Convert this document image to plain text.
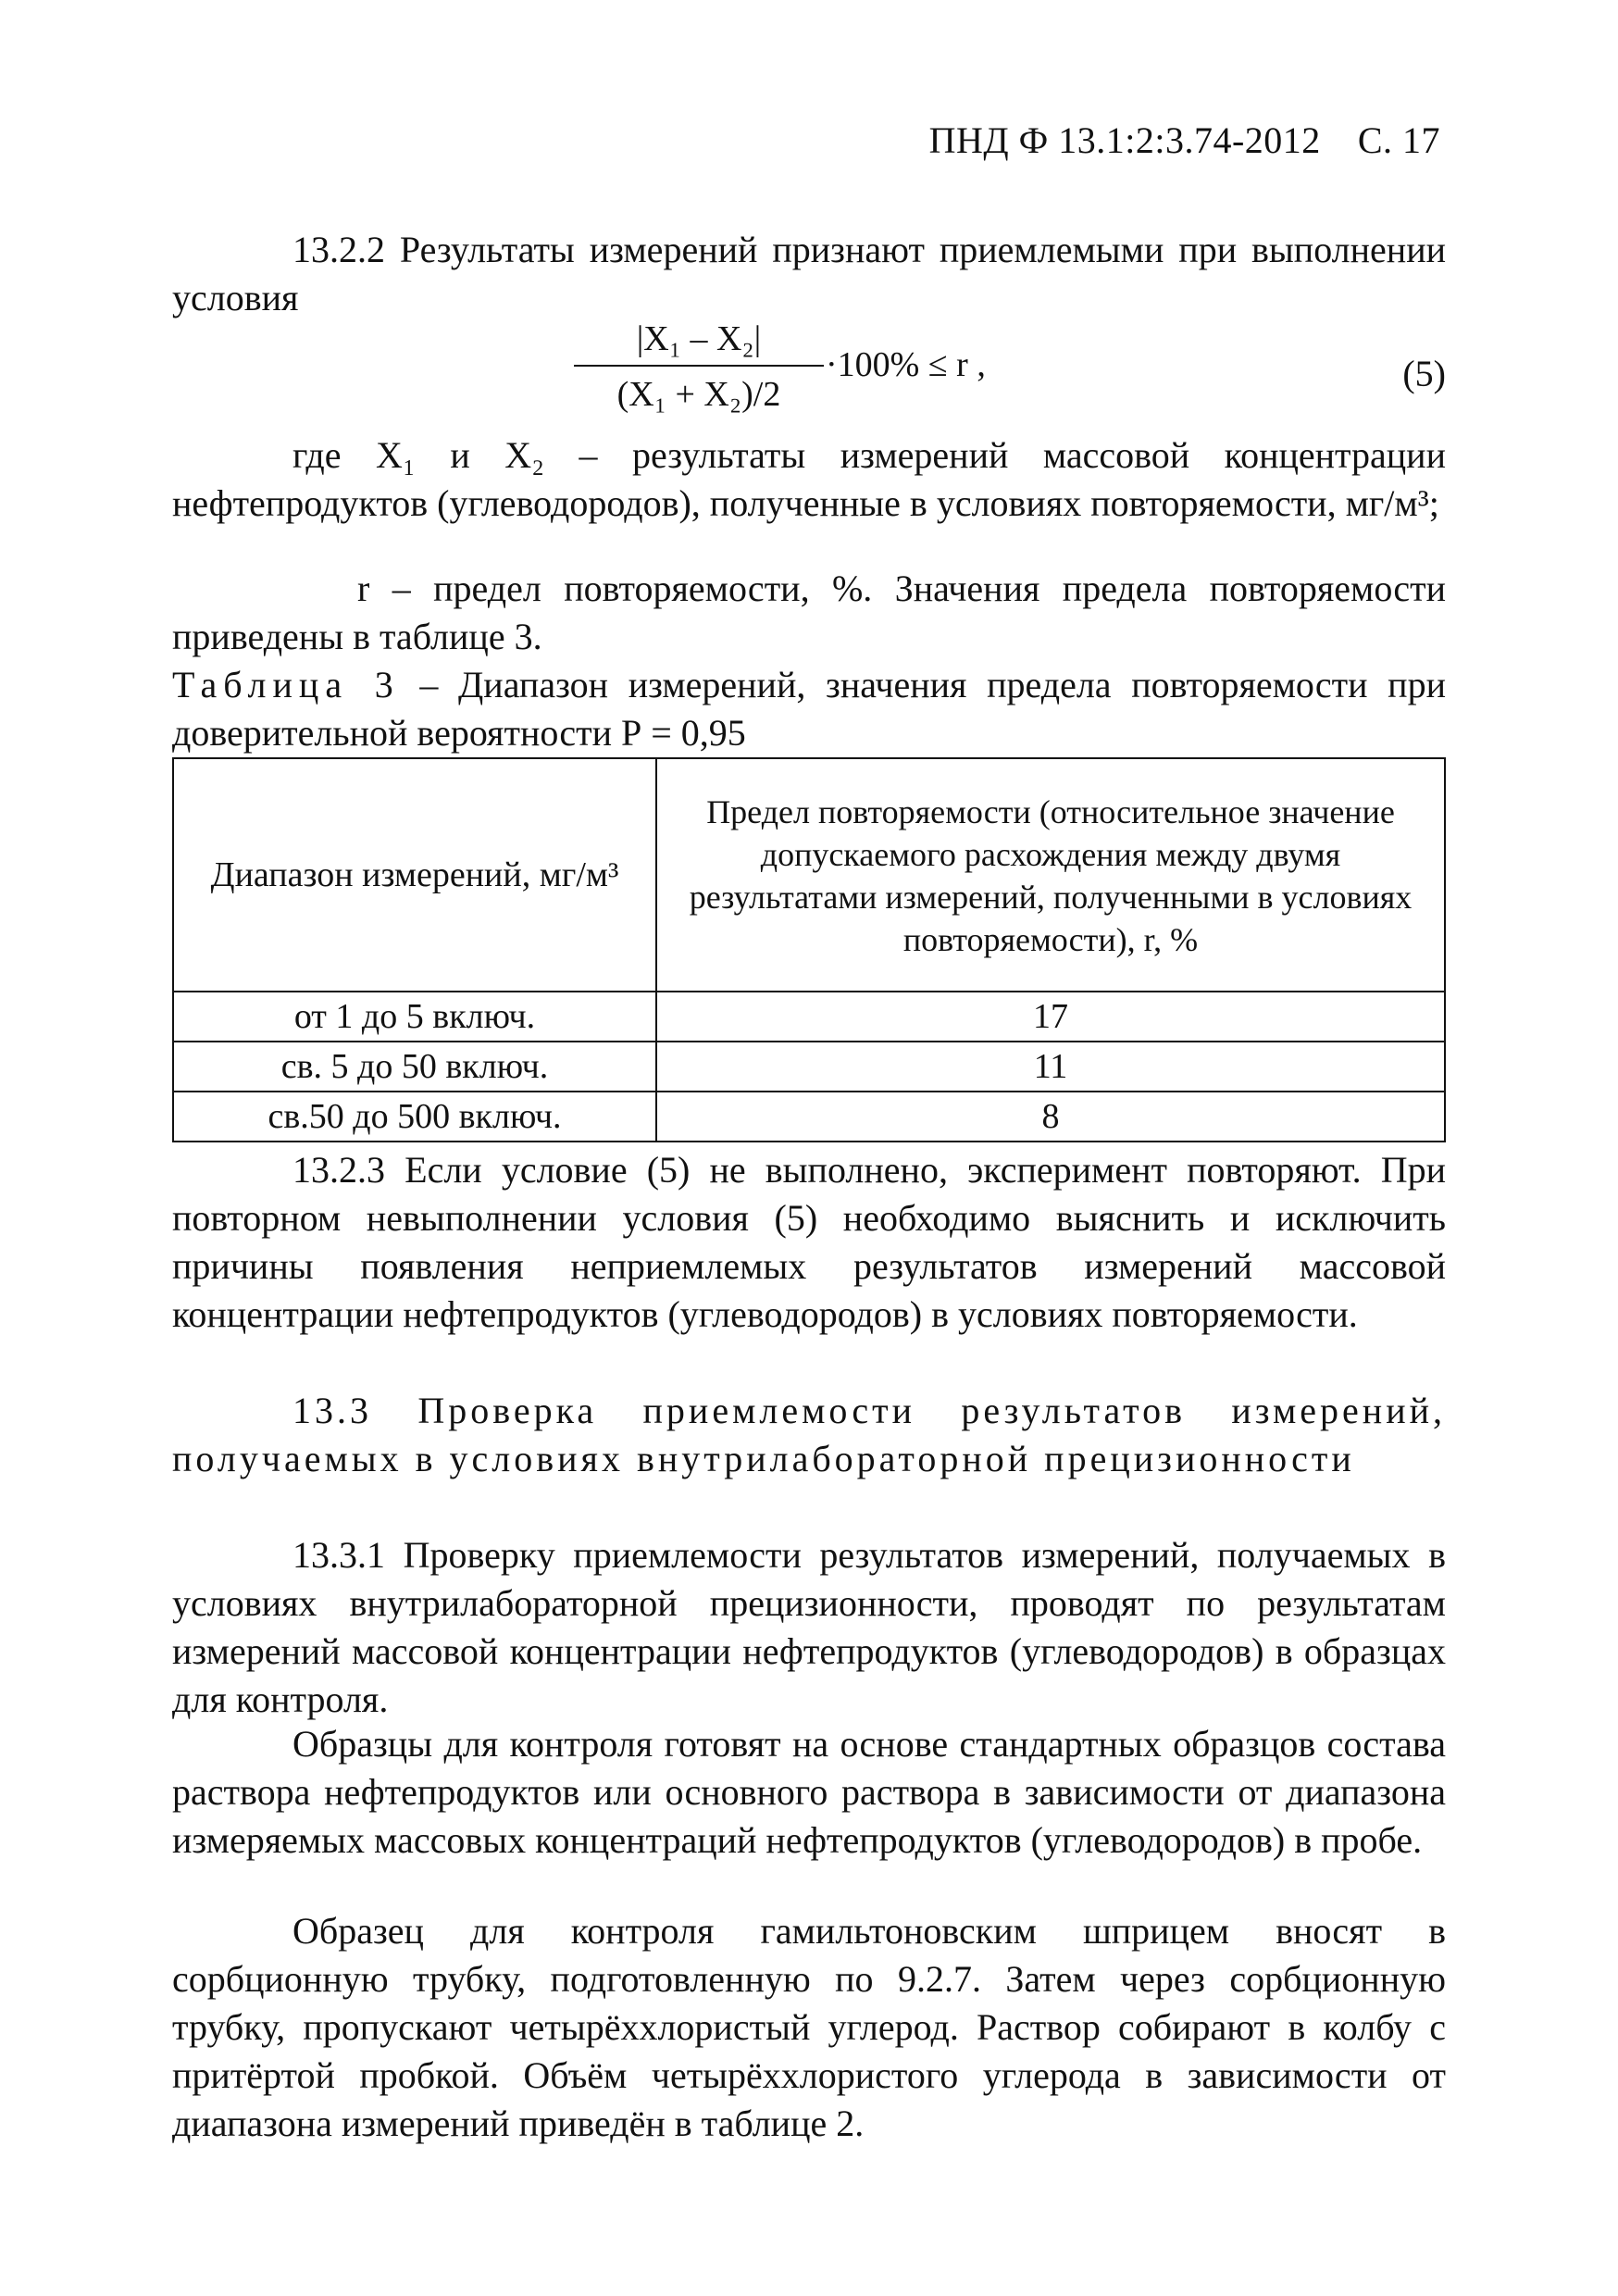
ПНД Ф 13.1:2:3.74-2012 С. 17
13.2.2 Результаты измерений признают приемлемыми при выполнении условия
|X₁ – X₂|
(X₁ + X₂)/2
·100% ≤ r ,	(5)
где X₁ и X₂ – результаты измерений массовой концентрации нефтепродуктов (углеводородов), полученные в условиях повторяемости, мг/м³;
r – предел повторяемости, %. Значения предела повторяемости приведены в таблице 3.
Таблица 3 – Диапазон измерений, значения предела повторяемости при доверительной вероятности Р = 0,95
Диапазон измерений, мг/м³	Предел повторяемости (относительное значение допускаемого расхождения между двумя результатами измерений, полученными в условиях повторяемости), r, %
от 1 до 5 включ.	17
св. 5 до 50 включ.	11
св.50 до 500 включ.	8
13.2.3 Если условие (5) не выполнено, эксперимент повторяют. При повторном невыполнении условия (5) необходимо выяснить и исключить причины появления неприемлемых результатов измерений массовой концентрации нефтепродуктов (углеводородов) в условиях повторяемости.
13.3 Проверка приемлемости результатов измерений,
получаемых в условиях внутрилабораторной прецизионности
13.3.1 Проверку приемлемости результатов измерений, получаемых в условиях внутрилабораторной прецизионности, проводят по результатам измерений массовой концентрации нефтепродуктов (углеводородов) в образцах для контроля.
Образцы для контроля готовят на основе стандартных образцов состава раствора нефтепродуктов или основного раствора в зависимости от диапазона измеряемых массовых концентраций нефтепродуктов (углеводородов) в пробе.
Образец для контроля гамильтоновским шприцем вносят в сорбционную трубку, подготовленную по 9.2.7. Затем через сорбционную трубку, пропускают четырёххлористый углерод. Раствор собирают в колбу с притёртой пробкой. Объём четырёххлористого углерода в зависимости от диапазона измерений приведён в таблице 2.
